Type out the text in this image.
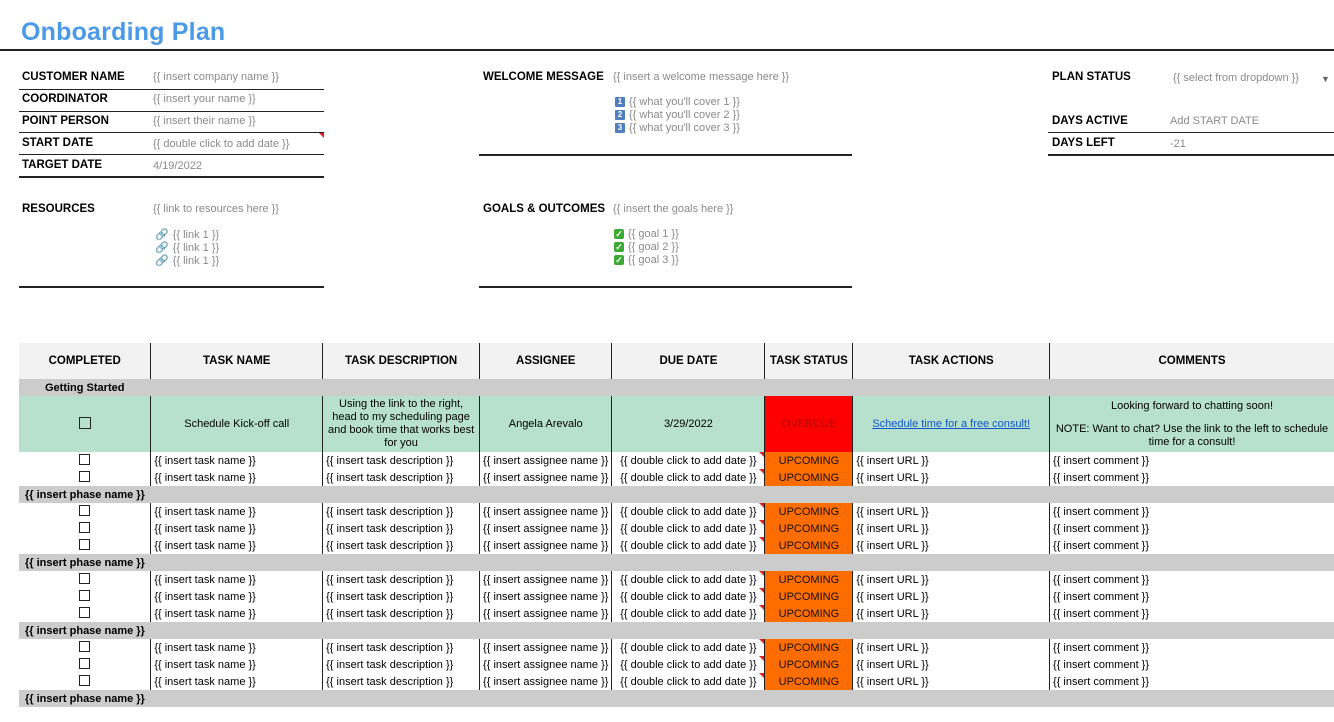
Onboarding Plan
CUSTOMER NAME	{{ insert company name }}
COORDINATOR	{{ insert your name }}
POINT PERSON	{{ insert their name }}
START DATE	{{ double click to add date }}
TARGET DATE	4/19/2022
RESOURCES	{{ link to resources here }}
🔗 {{ link 1 }}
🔗 {{ link 1 }}
🔗 {{ link 1 }}
WELCOME MESSAGE {{ insert a welcome message here }}
1 {{ what you'll cover 1 }}
2 {{ what you'll cover 2 }}
3 {{ what you'll cover 3 }}
GOALS & OUTCOMES {{ insert the goals here }}
✓ {{ goal 1 }}
✓ {{ goal 2 }}
✓ {{ goal 3 }}
PLAN STATUS	{{ select from dropdown }} ▼
DAYS ACTIVE	Add START DATE
DAYS LEFT	-21
COMPLETED	TASK NAME	TASK DESCRIPTION	ASSIGNEE	DUE DATE	TASK STATUS	TASK ACTIONS	COMMENTS
Getting Started							
	Schedule Kick-off call	Using the link to the right, head to my scheduling page and book time that works best for you	Angela Arevalo	3/29/2022	OVERDUE	Schedule time for a free consult!	Looking forward to chatting soon!
NOTE: Want to chat? Use the link to the left to schedule time for a consult!

	{{ insert task name }}	{{ insert task description }}	{{ insert assignee name }}	{{ double click to add date }}	UPCOMING	{{ insert URL }}	{{ insert comment }}
	{{ insert task name }}	{{ insert task description }}	{{ insert assignee name }}	{{ double click to add date }}	UPCOMING	{{ insert URL }}	{{ insert comment }}
{{ insert phase name }}							
	{{ insert task name }}	{{ insert task description }}	{{ insert assignee name }}	{{ double click to add date }}	UPCOMING	{{ insert URL }}	{{ insert comment }}
	{{ insert task name }}	{{ insert task description }}	{{ insert assignee name }}	{{ double click to add date }}	UPCOMING	{{ insert URL }}	{{ insert comment }}
	{{ insert task name }}	{{ insert task description }}	{{ insert assignee name }}	{{ double click to add date }}	UPCOMING	{{ insert URL }}	{{ insert comment }}
{{ insert phase name }}							
	{{ insert task name }}	{{ insert task description }}	{{ insert assignee name }}	{{ double click to add date }}	UPCOMING	{{ insert URL }}	{{ insert comment }}
	{{ insert task name }}	{{ insert task description }}	{{ insert assignee name }}	{{ double click to add date }}	UPCOMING	{{ insert URL }}	{{ insert comment }}
	{{ insert task name }}	{{ insert task description }}	{{ insert assignee name }}	{{ double click to add date }}	UPCOMING	{{ insert URL }}	{{ insert comment }}
{{ insert phase name }}							
	{{ insert task name }}	{{ insert task description }}	{{ insert assignee name }}	{{ double click to add date }}	UPCOMING	{{ insert URL }}	{{ insert comment }}
	{{ insert task name }}	{{ insert task description }}	{{ insert assignee name }}	{{ double click to add date }}	UPCOMING	{{ insert URL }}	{{ insert comment }}
	{{ insert task name }}	{{ insert task description }}	{{ insert assignee name }}	{{ double click to add date }}	UPCOMING	{{ insert URL }}	{{ insert comment }}
{{ insert phase name }}							
